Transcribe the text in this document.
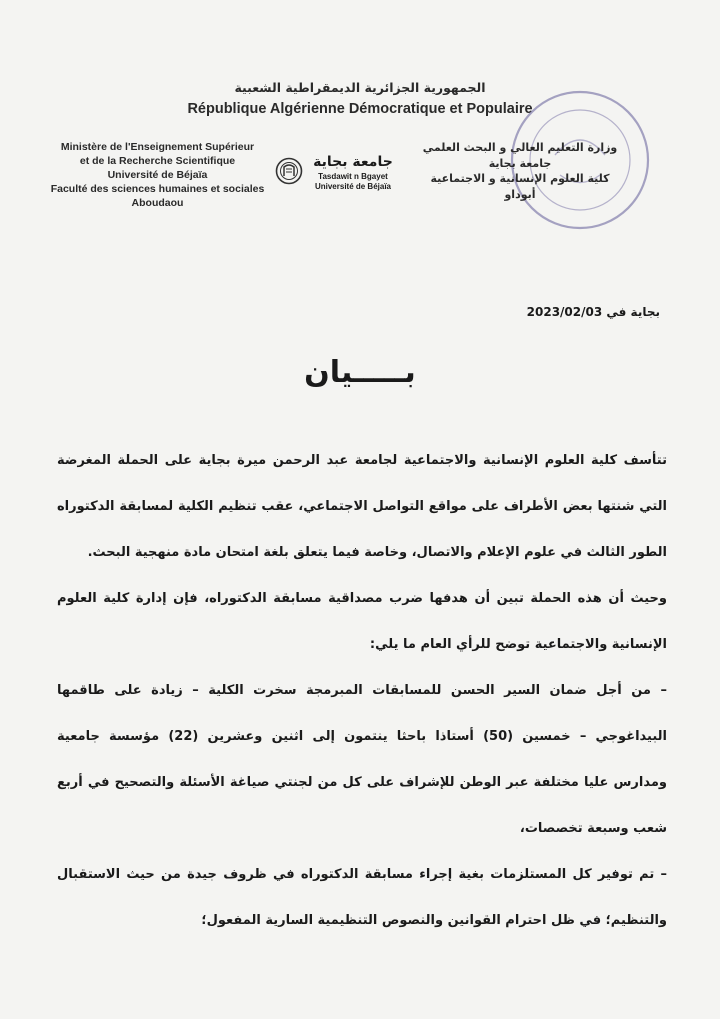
الجمهورية الجزائرية الديمقراطية الشعبية
République Algérienne Démocratique et Populaire
Ministère de l'Enseignement Supérieur
et de la Recherche Scientifique
Université de Béjaïa
Faculté des sciences humaines et sociales
Aboudaou
جامعة بجاية
Tasdawit n Bgayet
Université de Béjaïa
وزارة التعليم العالي و البحث العلمي
جامعة بجاية
كلية العلوم الإنسانية و الاجتماعية
أبوداو
بجاية في 2023/02/03
بـــــيان

تتأسف كلية العلوم الإنسانية والاجتماعية لجامعة عبد الرحمن ميرة بجاية على الحملة المغرضة التي شنتها بعض الأطراف على مواقع التواصل الاجتماعي، عقب تنظيم الكلية لمسابقة الدكتوراه الطور الثالث في علوم الإعلام والاتصال، وخاصة فيما يتعلق بلغة امتحان مادة منهجية البحث.

وحيث أن هذه الحملة تبين أن هدفها ضرب مصداقية مسابقة الدكتوراه، فإن إدارة كلية العلوم الإنسانية والاجتماعية توضح للرأي العام ما يلي:

– من أجل ضمان السير الحسن للمسابقات المبرمجة سخرت الكلية – زيادة على طاقمها البيداغوجي – خمسين (50) أستاذا باحثا ينتمون إلى اثنين وعشرين (22) مؤسسة جامعية ومدارس عليا مختلفة عبر الوطن للإشراف على كل من لجنتي صياغة الأسئلة والتصحيح في أربع شعب وسبعة تخصصات،

– تم توفير كل المستلزمات بغية إجراء مسابقة الدكتوراه في ظروف جيدة من حيث الاستقبال والتنظيم؛ في ظل احترام القوانين والنصوص التنظيمية السارية المفعول؛
